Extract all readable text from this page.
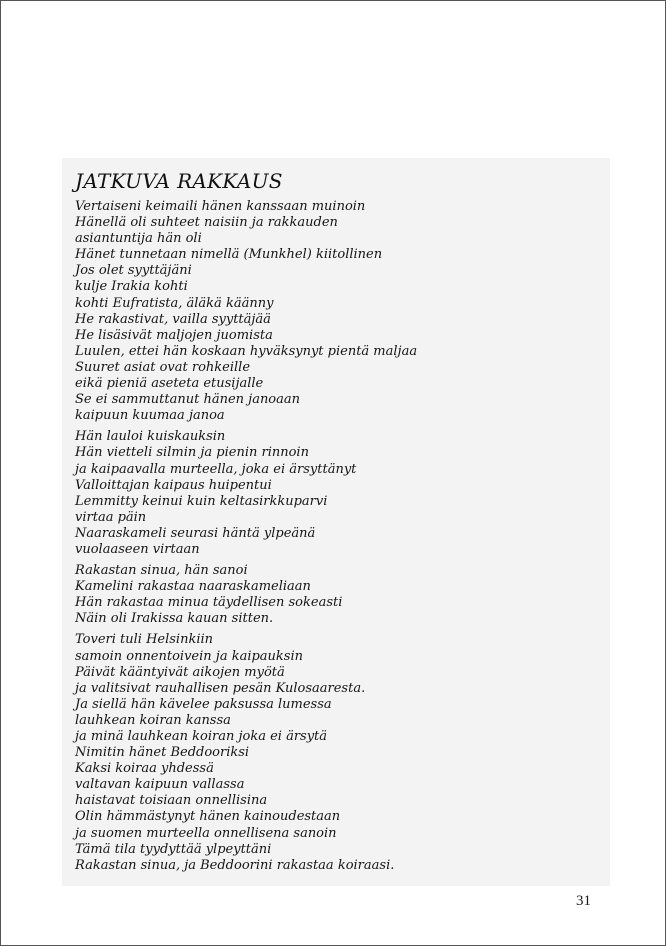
JATKUVA RAKKAUS

Vertaiseni keimaili hänen kanssaan muinoin
Hänellä oli suhteet naisiin ja rakkauden
asiantuntija hän oli
Hänet tunnetaan nimellä (Munkhel) kiitollinen
Jos olet syyttäjäni
kulje Irakia kohti
kohti Eufratista, äläkä käänny
He rakastivat, vailla syyttäjää
He lisäsivät maljojen juomista
Luulen, ettei hän koskaan hyväksynyt pientä maljaa
Suuret asiat ovat rohkeille
eikä pieniä aseteta etusijalle
Se ei sammuttanut hänen janoaan
kaipuun kuumaa janoa

Hän lauloi kuiskauksin
Hän vietteli silmin ja pienin rinnoin
ja kaipaavalla murteella, joka ei ärsyttänyt
Valloittajan kaipaus huipentui
Lemmitty keinui kuin keltasirkkuparvi
virtaa päin
Naaraskameli seurasi häntä ylpeänä
vuolaaseen virtaan

Rakastan sinua, hän sanoi
Kamelini rakastaa naaraskameliaan
Hän rakastaa minua täydellisen sokeasti
Näin oli Irakissa kauan sitten.

Toveri tuli Helsinkiin
samoin onnentoivein ja kaipauksin
Päivät kääntyivät aikojen myötä
ja valitsivat rauhallisen pesän Kulosaaresta.
Ja siellä hän kävelee paksussa lumessa
lauhkean koiran kanssa
ja minä lauhkean koiran joka ei ärsytä
Nimitin hänet Beddooriksi
Kaksi koiraa yhdessä
valtavan kaipuun vallassa
haistavat toisiaan onnellisina
Olin hämmästynyt hänen kainoudestaan
ja suomen murteella onnellisena sanoin
Tämä tila tyydyttää ylpeyttäni
Rakastan sinua, ja Beddoorini rakastaa koiraasi.

31
